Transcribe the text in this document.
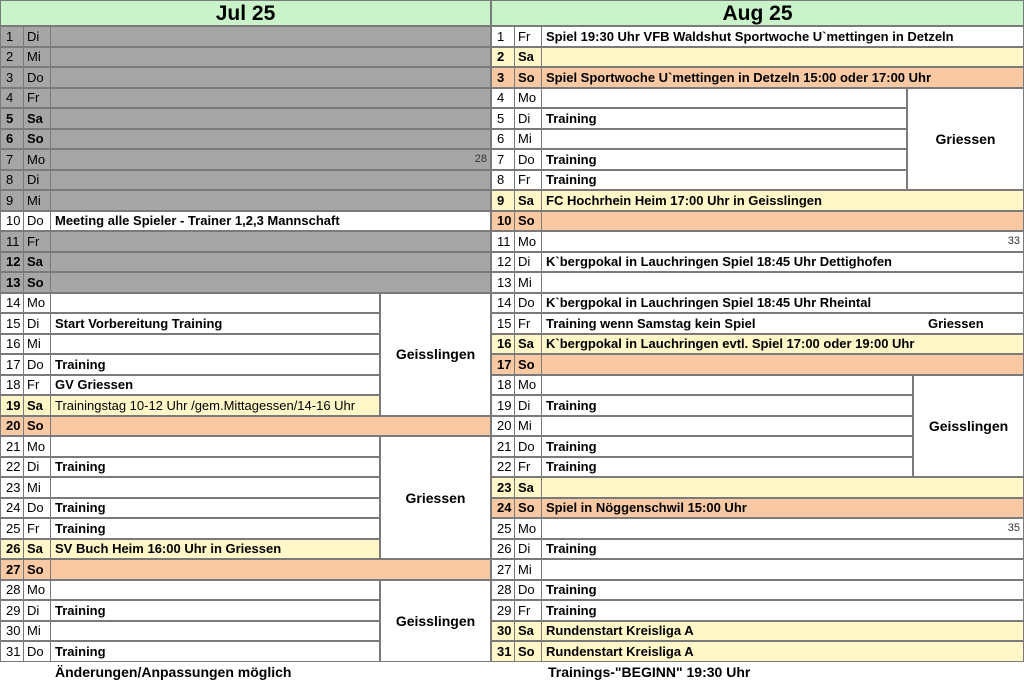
Jul 25
1	Di
2	Mi
3	Do
4	Fr
5	Sa
6	So
7	Mo	28
8	Di
9	Mi
10 Do Meeting alle Spieler - Trainer 1,2,3 Mannschaft
11 Fr
12 Sa
13 So
14 Mo
15 Di	Start Vorbereitung Training
16 Mi
17 Do Training
18 Fr	GV Griessen
19 Sa Trainingstag 10-12 Uhr /gem.Mittagessen/14-16 Uhr
20 So
21 Mo
22 Di	Training
23 Mi
24 Do Training
25 Fr	Training
26 Sa SV Buch Heim 16:00 Uhr in Griessen
27 So
28 Mo
29 Di	Training
30 Mi
31 Do Training
Geisslingen
Griessen
Geisslingen
Änderungen/Anpassungen möglich
Aug 25
1	Fr	Spiel 19:30 Uhr VFB Waldshut Sportwoche U`mettingen in Detzeln
2	Sa
3	So Spiel Sportwoche U`mettingen in Detzeln 15:00 oder 17:00 Uhr
4	Mo
5	Di	Training
6	Mi
7	Do Training
8	Fr	Training
9	Sa FC Hochrhein Heim 17:00 Uhr in Geisslingen
10 So
11 Mo	33
12 Di	K`bergpokal in Lauchringen Spiel 18:45 Uhr Dettighofen
13 Mi
14 Do K`bergpokal in Lauchringen Spiel 18:45 Uhr Rheintal
15 Fr	Training wenn Samstag kein Spiel	Griessen
16 Sa K`bergpokal in Lauchringen evtl. Spiel 17:00 oder 19:00 Uhr
17 So
18 Mo
19 Di	Training
20 Mi
21 Do Training
22 Fr	Training
23 Sa
24 So Spiel in Nöggenschwil 15:00 Uhr
25 Mo	35
26 Di	Training
27 Mi
28 Do Training
29 Fr	Training
30 Sa Rundenstart Kreisliga A
31 So Rundenstart Kreisliga A
Griessen
Geisslingen
Trainings-"BEGINN" 19:30 Uhr
